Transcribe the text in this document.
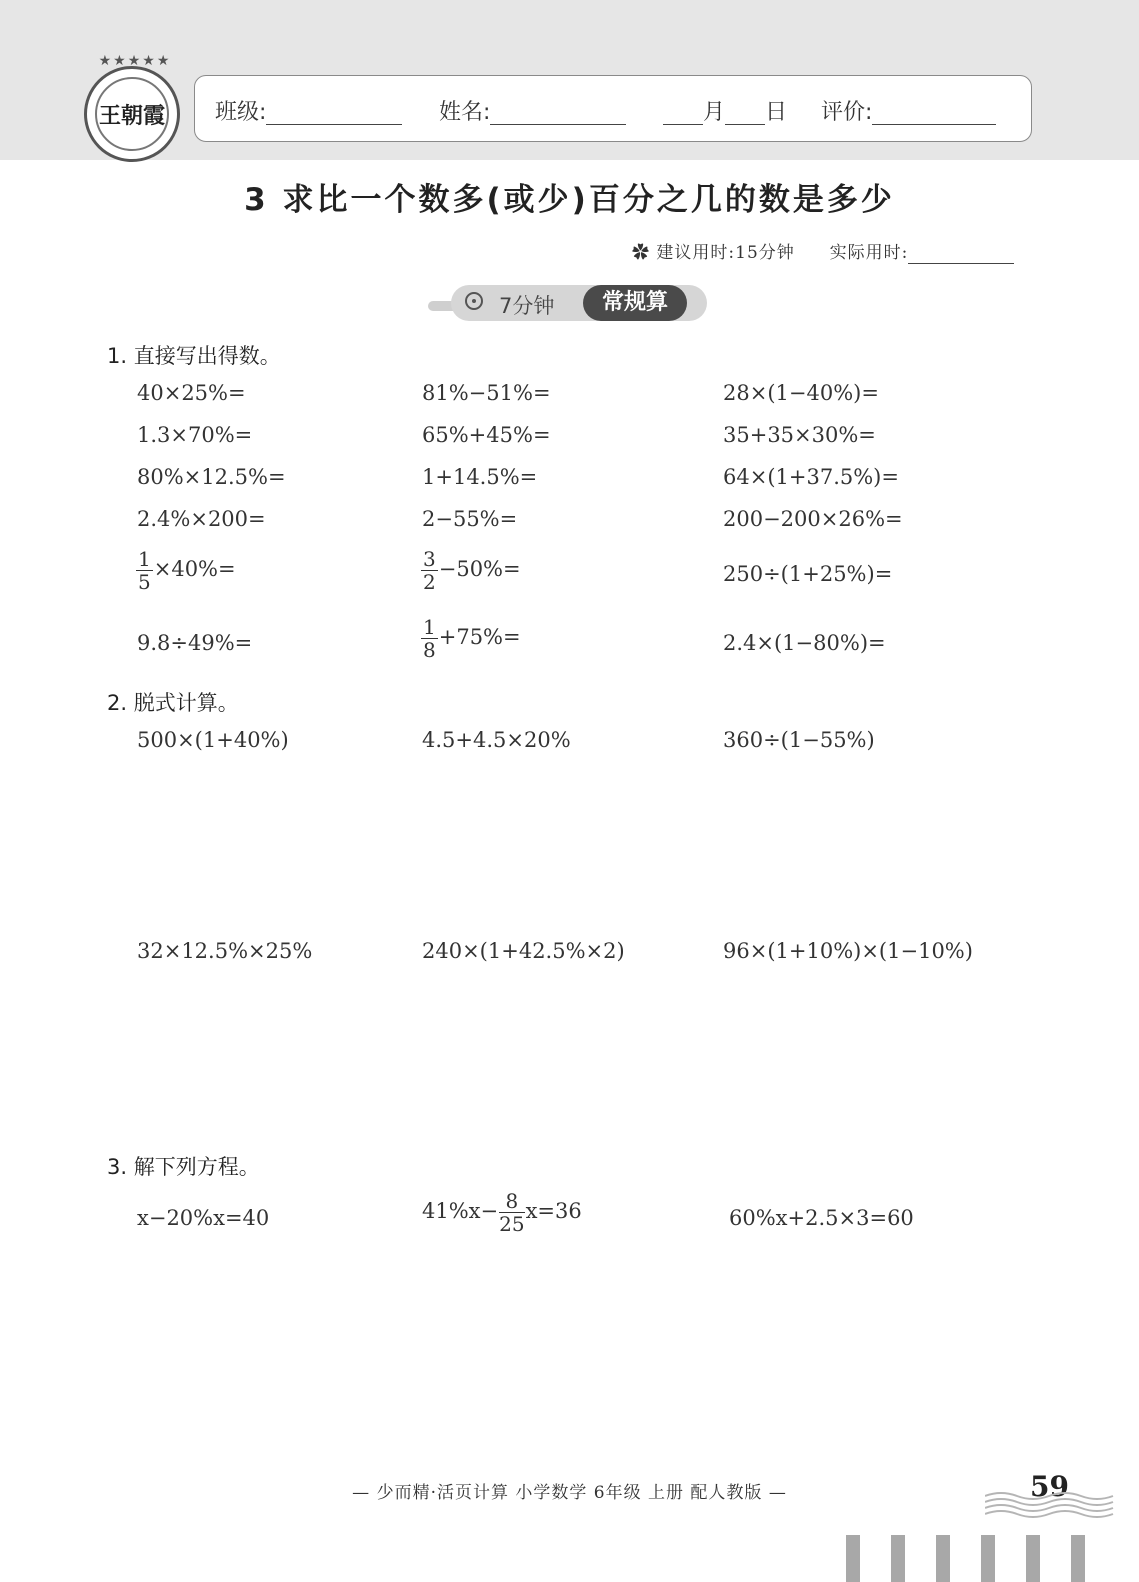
★★★★★
王朝霞 班级:	姓名:	月 日 评价:
3 求比一个数多(或少)百分之几的数是多少
✿ 建议用时:15分钟 实际用时:
7分钟	常规算
1. 直接写出得数。
40×25%=	81%−51%=	28×(1−40%)=
1.3×70%=	65%+45%=	35+35×30%=
80%×12.5%=	1+14.5%=	64×(1+37.5%)=
2.4%×200=	2−55%=	200−200×26%=
$\frac{1}{5} \times 40\%=$	$\frac{3}{2} -50\%=$	250÷(1+25%)=
9.8÷49%=	$\frac{1}{8} +75\%=$	2.4×(1−80%)=
2. 脱式计算。
500×(1+40%)	4.5+4.5×20%	360÷(1−55%)
32×12.5%×25%	240×(1+42.5%×2)	96×(1+10%)×(1−10%)
3. 解下列方程。
x−20%x=40	$41\%x- \frac{8}{25} x=36$	60%x+2.5×3=60
— 少而精·活页计算 小学数学 6年级 上册 配人教版 —	59
